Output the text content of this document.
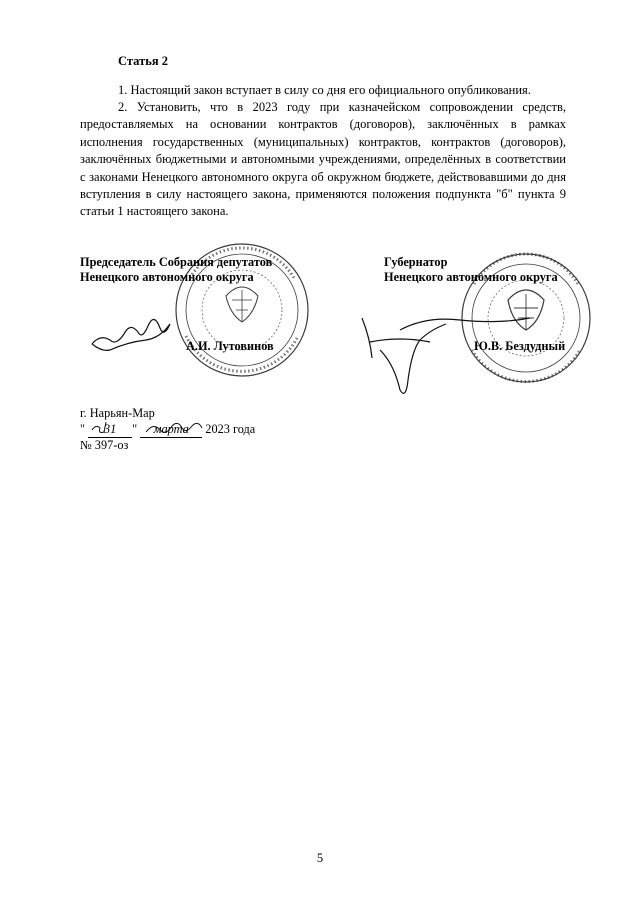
Статья 2

1. Настоящий закон вступает в силу со дня его официального опубликования.

2. Установить, что в 2023 году при казначейском сопровождении средств, предоставляемых на основании контрактов (договоров), заключённых в рамках исполнения государственных (муниципальных) контрактов, контрактов (договоров), заключённых бюджетными и автономными учреждениями, определённых в соответствии с законами Ненецкого автономного округа об окружном бюджете, действовавшими до дня вступления в силу настоящего закона, применяются положения подпункта "б" пункта 9 статьи 1 настоящего закона.

Председатель Собрания депутатов
Ненецкого автономного округа
А.И. Лутовинов
Губернатор
Ненецкого автономного округа
Ю.В. Бездудный
г. Нарьян-Мар
" 31 " марта 2023 года
№ 397-оз
5
